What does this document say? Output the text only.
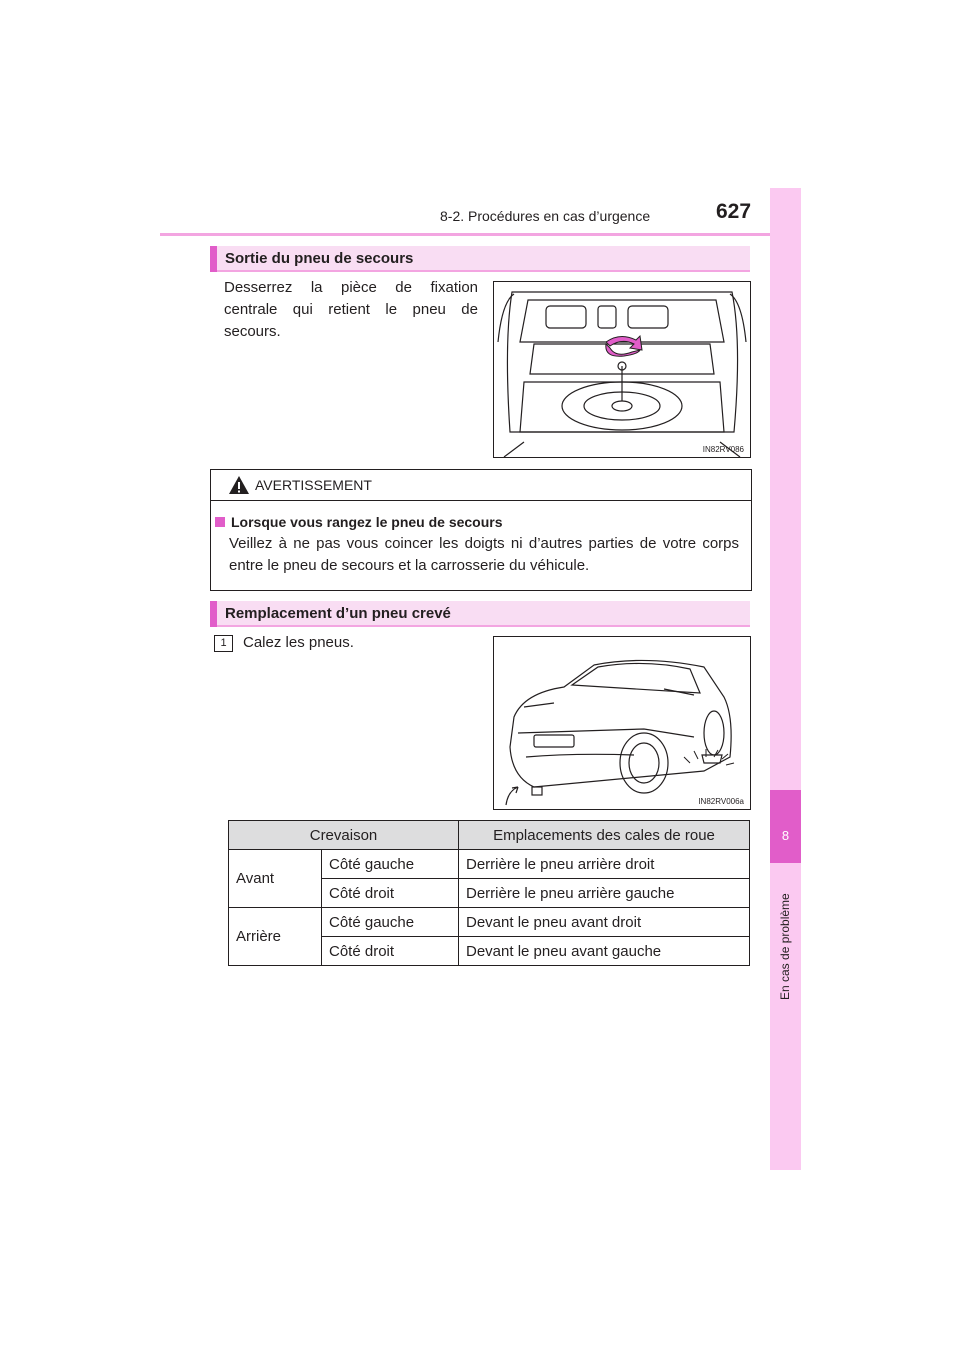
8-2. Procédures en cas d’urgence	627
8
En cas de problème
Sortie du pneu de secours
Desserrez la pièce de fixation centrale qui retient le pneu de secours.
IN82RV086
AVERTISSEMENT
Lorsque vous rangez le pneu de secours
Veillez à ne pas vous coincer les doigts ni d’autres parties de votre corps entre le pneu de secours et la carrosserie du véhicule.
Remplacement d’un pneu crevé
1	Calez les pneus.
IN82RV006a
Crevaison		Emplacements des cales de roue
Avant	Côté gauche	Derrière le pneu arrière droit
	Côté droit	Derrière le pneu arrière gauche
Arrière	Côté gauche	Devant le pneu avant droit
	Côté droit	Devant le pneu avant gauche
